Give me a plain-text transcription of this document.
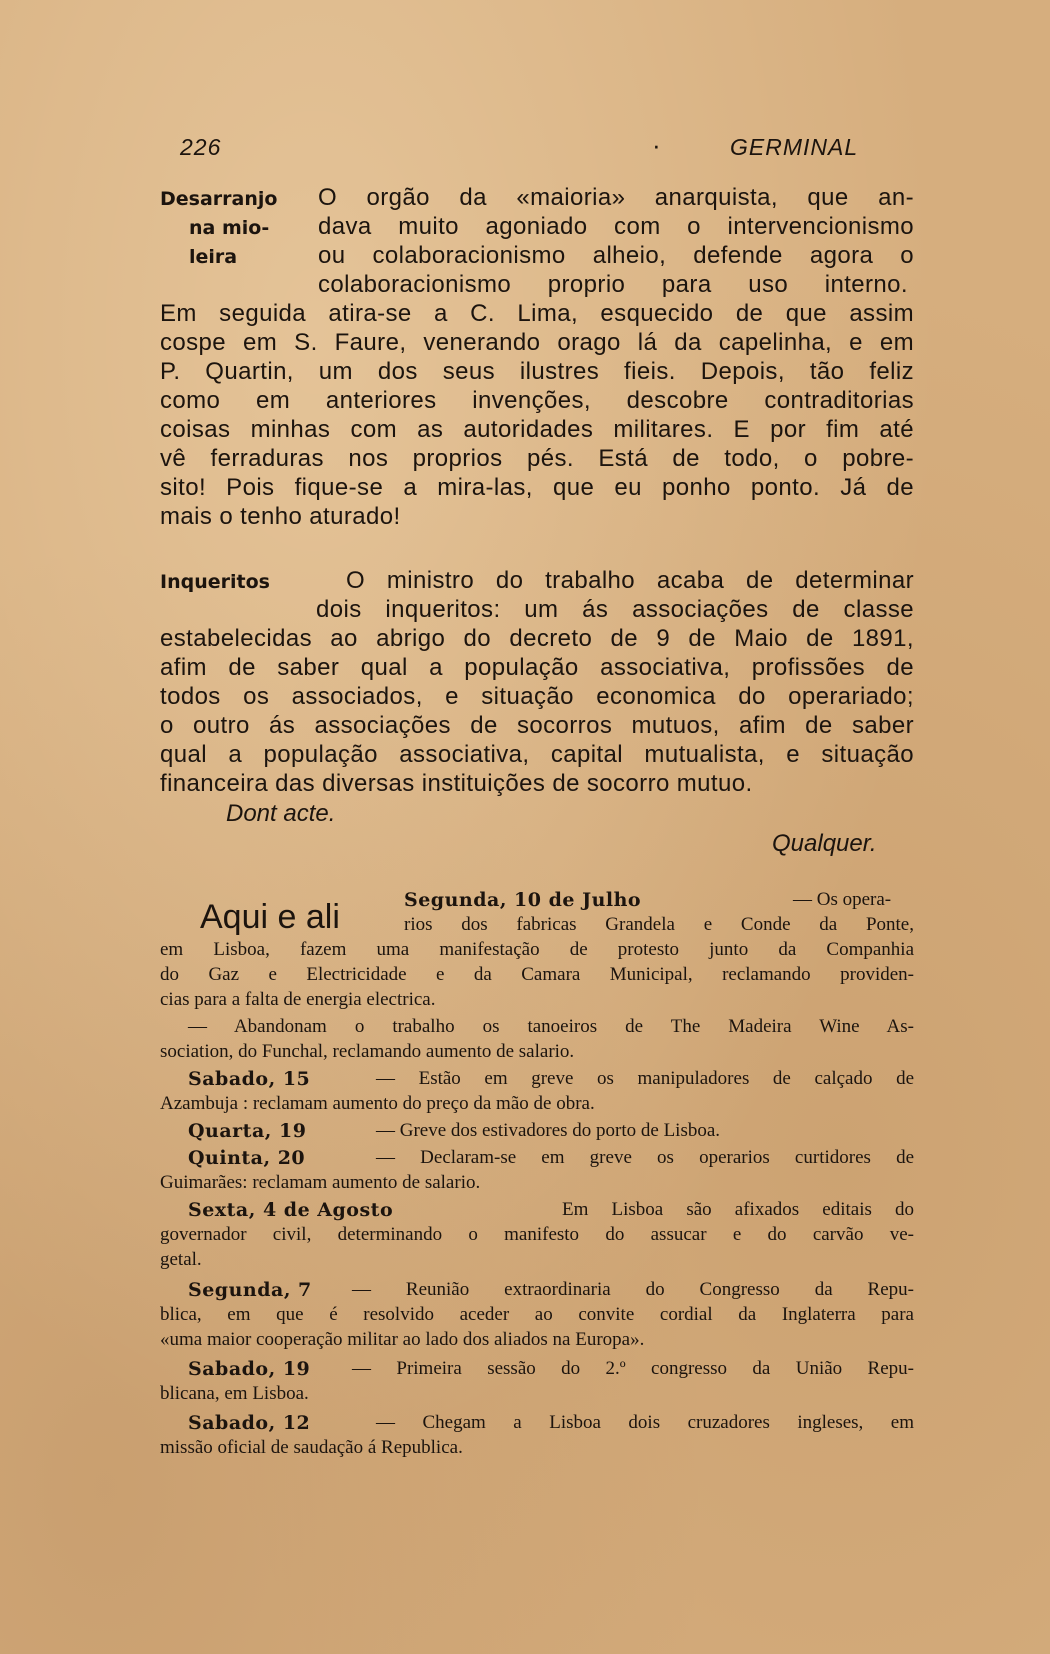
226	·	GERMINAL
Desarranjo
na mio-
leira
O orgão da «maioria» anarquista, que an-
dava muito agoniado com o intervencionismo
ou colaboracionismo alheio, defende agora o
colaboracionismo proprio para uso interno.
Em seguida atira-se a C. Lima, esquecido de que assim
cospe em S. Faure, venerando orago lá da capelinha, e em
P. Quartin, um dos seus ilustres fieis. Depois, tão feliz
como em anteriores invenções, descobre contraditorias
coisas minhas com as autoridades militares. E por fim até
vê ferraduras nos proprios pés. Está de todo, o pobre-
sito! Pois fique-se a mira-las, que eu ponho ponto. Já de
mais o tenho aturado!
Inqueritos	O ministro do trabalho acaba de determinar
dois inqueritos: um ás associações de classe
estabelecidas ao abrigo do decreto de 9 de Maio de 1891,
afim de saber qual a população associativa, profissões de
todos os associados, e situação economica do operariado;
o outro ás associações de socorros mutuos, afim de saber
qual a população associativa, capital mutualista, e situação
financeira das diversas instituições de socorro mutuo.
Dont acte.
Qualquer.
Aqui e ali	Segunda, 10 de Julho	— Os opera-
rios dos fabricas Grandela e Conde da Ponte,
em Lisboa, fazem uma manifestação de protesto junto da Companhia
do Gaz e Electricidade e da Camara Municipal, reclamando providen-
cias para a falta de energia electrica.
— Abandonam o trabalho os tanoeiros de The Madeira Wine As-
sociation, do Funchal, reclamando aumento de salario.
Sabado, 15	— Estão em greve os manipuladores de calçado de
Azambuja : reclamam aumento do preço da mão de obra.
Quarta, 19	— Greve dos estivadores do porto de Lisboa.
Quinta, 20	— Declaram-se em greve os operarios curtidores de
Guimarães: reclamam aumento de salario.
Sexta, 4 de Agosto	Em Lisboa são afixados editais do
governador civil, determinando o manifesto do assucar e do carvão ve-
getal.
Segunda, 7 — Reunião extraordinaria do Congresso da Repu-
blica, em que é resolvido aceder ao convite cordial da Inglaterra para
«uma maior cooperação militar ao lado dos aliados na Europa».
Sabado, 19 — Primeira sessão do 2.º congresso da União Repu-
blicana, em Lisboa.
Sabado, 12	— Chegam a Lisboa dois cruzadores ingleses, em
missão oficial de saudação á Republica.
